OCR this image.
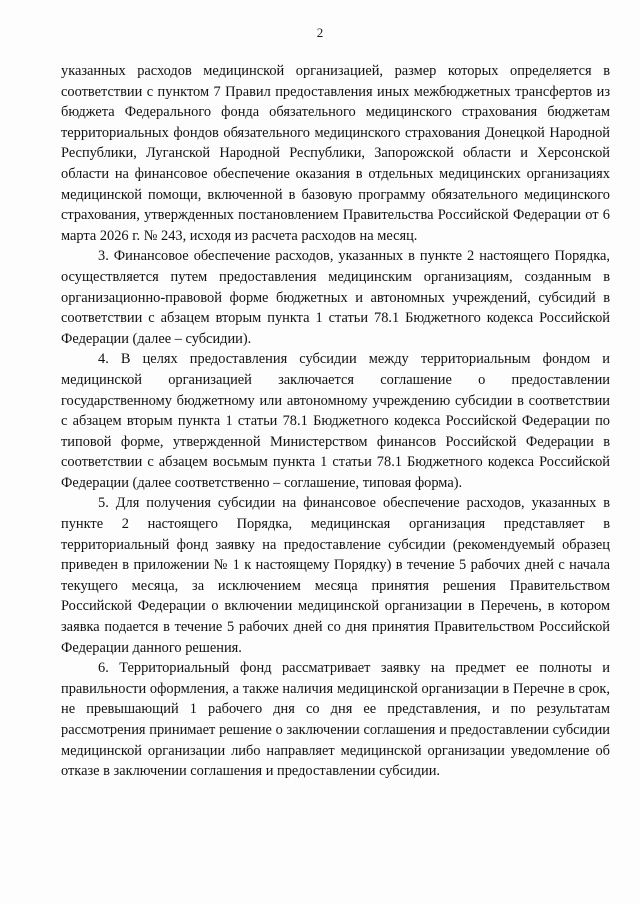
2

указанных расходов медицинской организацией, размер которых определяется в соответствии с пунктом 7 Правил предоставления иных межбюджетных трансфертов из бюджета Федерального фонда обязательного медицинского страхования бюджетам территориальных фондов обязательного медицинского страхования Донецкой Народной Республики, Луганской Народной Республики, Запорожской области и Херсонской области на финансовое обеспечение оказания в отдельных медицинских организациях медицинской помощи, включенной в базовую программу обязательного медицинского страхования, утвержденных постановлением Правительства Российской Федерации от 6 марта 2026 г. № 243, исходя из расчета расходов на месяц.

3. Финансовое обеспечение расходов, указанных в пункте 2 настоящего Порядка, осуществляется путем предоставления медицинским организациям, созданным в организационно-правовой форме бюджетных и автономных учреждений, субсидий в соответствии с абзацем вторым пункта 1 статьи 78.1 Бюджетного кодекса Российской Федерации (далее – субсидии).

4. В целях предоставления субсидии между территориальным фондом и медицинской организацией заключается соглашение о предоставлении государственному бюджетному или автономному учреждению субсидии в соответствии с абзацем вторым пункта 1 статьи 78.1 Бюджетного кодекса Российской Федерации по типовой форме, утвержденной Министерством финансов Российской Федерации в соответствии с абзацем восьмым пункта 1 статьи 78.1 Бюджетного кодекса Российской Федерации (далее соответственно – соглашение, типовая форма).

5. Для получения субсидии на финансовое обеспечение расходов, указанных в пункте 2 настоящего Порядка, медицинская организация представляет в территориальный фонд заявку на предоставление субсидии (рекомендуемый образец приведен в приложении № 1 к настоящему Порядку) в течение 5 рабочих дней с начала текущего месяца, за исключением месяца принятия решения Правительством Российской Федерации о включении медицинской организации в Перечень, в котором заявка подается в течение 5 рабочих дней со дня принятия Правительством Российской Федерации данного решения.

6. Территориальный фонд рассматривает заявку на предмет ее полноты и правильности оформления, а также наличия медицинской организации в Перечне в срок, не превышающий 1 рабочего дня со дня ее представления, и по результатам рассмотрения принимает решение о заключении соглашения и предоставлении субсидии медицинской организации либо направляет медицинской организации уведомление об отказе в заключении соглашения и предоставлении субсидии.
